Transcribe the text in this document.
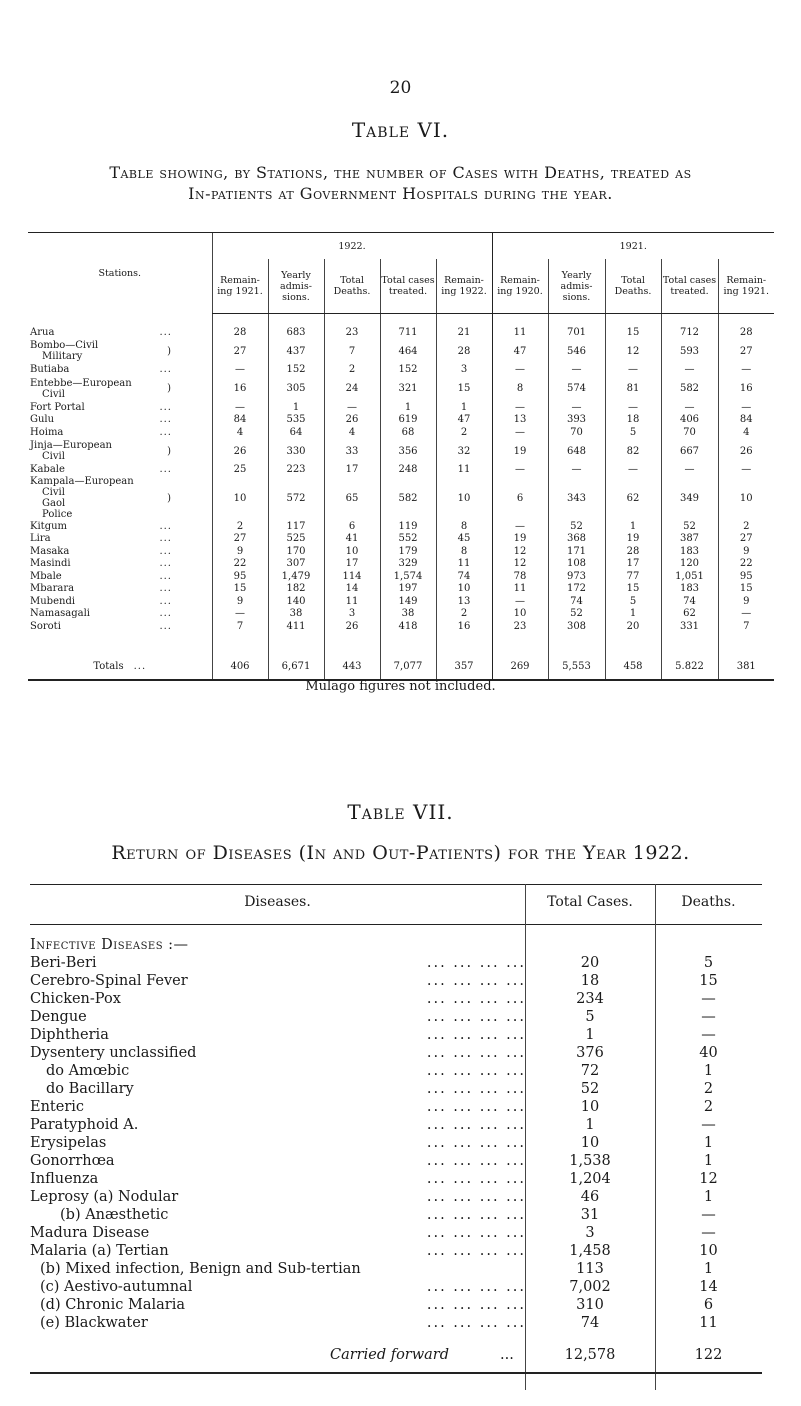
20
Table VI.
Table showing, by Stations, the number of Cases with Deaths, treated as
In-patients at Government Hospitals during the year.
Stations.	1922.					1921.				
	Remain- ing 1921.	Yearly admis- sions.	Total Deaths.	Total cases treated.	Remain- ing 1922.	Remain- ing 1920.	Yearly admis- sions.	Total Deaths.	Total cases treated.	Remain- ing 1921.

Arua ...	28	683	23	711	21	11	701	15	712	28

Bombo—Civil
Military )	27	437	7	464	28	47	546	12	593	27

Butiaba ...	—	152	2	152	3	—	—	—	—	—

Entebbe—European
Civil )	16	305	24	321	15	8	574	81	582	16

Fort Portal ...	—	1	—	1	1	—	—	—	—	—

Gulu ...	84	535	26	619	47	13	393	18	406	84

Hoima ...	4	64	4	68	2	—	70	5	70	4

Jinja—European
Civil )	26	330	33	356	32	19	648	82	667	26

Kabale ...	25	223	17	248	11	—	—	—	—	—

Kampala—European
Civil
Gaol
Police
)	10	572	65	582	10	6	343	62	349	10

Kitgum ...	2	117	6	119	8	—	52	1	52	2

Lira ...	27	525	41	552	45	19	368	19	387	27

Masaka ...	9	170	10	179	8	12	171	28	183	9

Masindi ...	22	307	17	329	11	12	108	17	120	22

Mbale ...	95	1,479	114	1,574	74	78	973	77	1,051	95

Mbarara ...	15	182	14	197	10	11	172	15	183	15

Mubendi ...	9	140	11	149	13	—	74	5	74	9

Namasagali ...	—	38	3	38	2	10	52	1	62	—

Soroti ...	7	411	26	418	16	23	308	20	331	7

Totals ...	406	6,671	443	7,077	357	269	5,553	458	5.822	381
Mulago figures not included.
Table VII.
Return of Diseases (In and Out-Patients) for the Year 1922.
Diseases.	Total Cases.	Deaths.
Infective Diseases :—
Beri-Beri	... ... ... ...	20	5
Cerebro-Spinal Fever	... ... ... ...	18	15
Chicken-Pox	... ... ... ...	234	—
Dengue	... ... ... ...	5	—
Diphtheria	... ... ... ...	1	—
Dysentery unclassified	... ... ... ...	376	40
do Amœbic	... ... ... ...	72	1
do Bacillary	... ... ... ...	52	2
Enteric	... ... ... ...	10	2
Paratyphoid A.	... ... ... ...	1	—
Erysipelas	... ... ... ...	10	1
Gonorrhœa	... ... ... ...	1,538	1
Influenza	... ... ... ...	1,204	12
Leprosy (a) Nodular	... ... ... ...	46	1
(b) Anæsthetic	... ... ... ...	31	—
Madura Disease	... ... ... ...	3	—
Malaria (a) Tertian	... ... ... ...	1,458	10
(b) Mixed infection, Benign and Sub-tertian	113	1
(c) Aestivo-autumnal	... ... ... ...	7,002	14
(d) Chronic Malaria	... ... ... ...	310	6
(e) Blackwater	... ... ... ...	74	11
Carried forward	...	12,578	122
